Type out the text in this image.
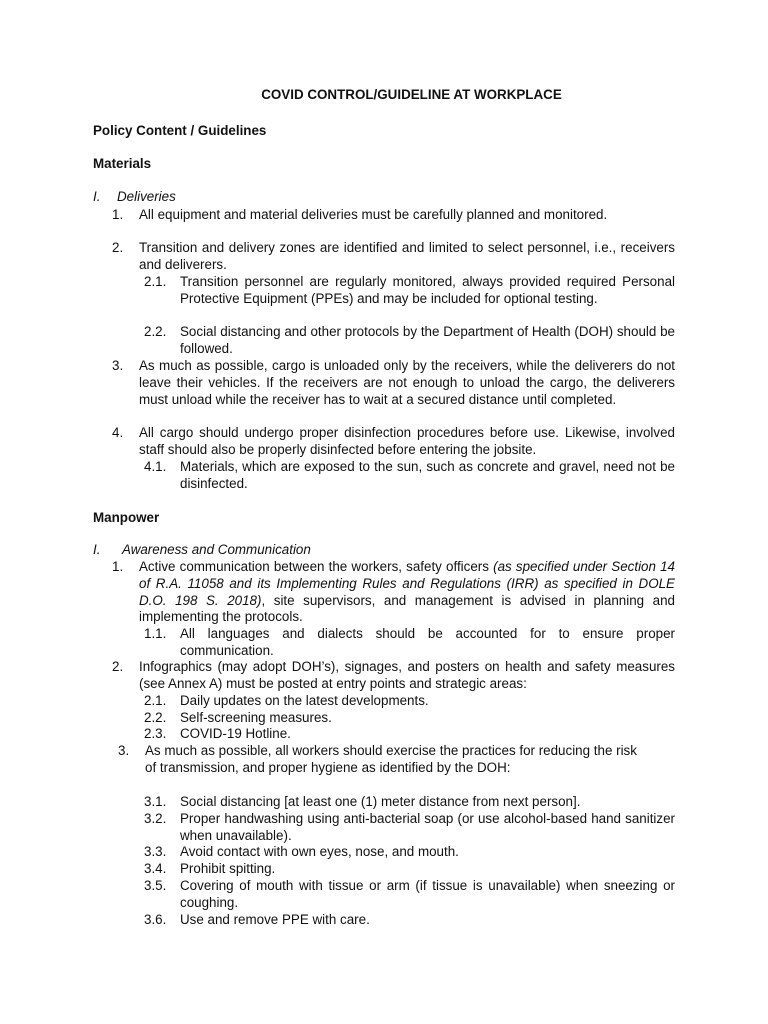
COVID CONTROL/GUIDELINE AT WORKPLACE
Policy Content / Guidelines
Materials
I. Deliveries
1. All equipment and material deliveries must be carefully planned and monitored.
2. Transition and delivery zones are identified and limited to select personnel, i.e., receivers and deliverers.
2.1. Transition personnel are regularly monitored, always provided required Personal Protective Equipment (PPEs) and may be included for optional testing.
2.2. Social distancing and other protocols by the Department of Health (DOH) should be followed.
3. As much as possible, cargo is unloaded only by the receivers, while the deliverers do not leave their vehicles. If the receivers are not enough to unload the cargo, the deliverers must unload while the receiver has to wait at a secured distance until completed.
4. All cargo should undergo proper disinfection procedures before use. Likewise, involved staff should also be properly disinfected before entering the jobsite.
4.1. Materials, which are exposed to the sun, such as concrete and gravel, need not be disinfected.
Manpower
I. Awareness and Communication
1. Active communication between the workers, safety officers (as specified under Section 14 of R.A. 11058 and its Implementing Rules and Regulations (IRR) as specified in DOLE D.O. 198 S. 2018), site supervisors, and management is advised in planning and implementing the protocols.
1.1. All languages and dialects should be accounted for to ensure proper communication.
2. Infographics (may adopt DOH’s), signages, and posters on health and safety measures (see Annex A) must be posted at entry points and strategic areas:
2.1. Daily updates on the latest developments.
2.2. Self-screening measures.
2.3. COVID-19 Hotline.
3. As much as possible, all workers should exercise the practices for reducing the risk of transmission, and proper hygiene as identified by the DOH:
3.1. Social distancing [at least one (1) meter distance from next person].
3.2. Proper handwashing using anti-bacterial soap (or use alcohol-based hand sanitizer when unavailable).
3.3. Avoid contact with own eyes, nose, and mouth.
3.4. Prohibit spitting.
3.5. Covering of mouth with tissue or arm (if tissue is unavailable) when sneezing or coughing.
3.6. Use and remove PPE with care.
